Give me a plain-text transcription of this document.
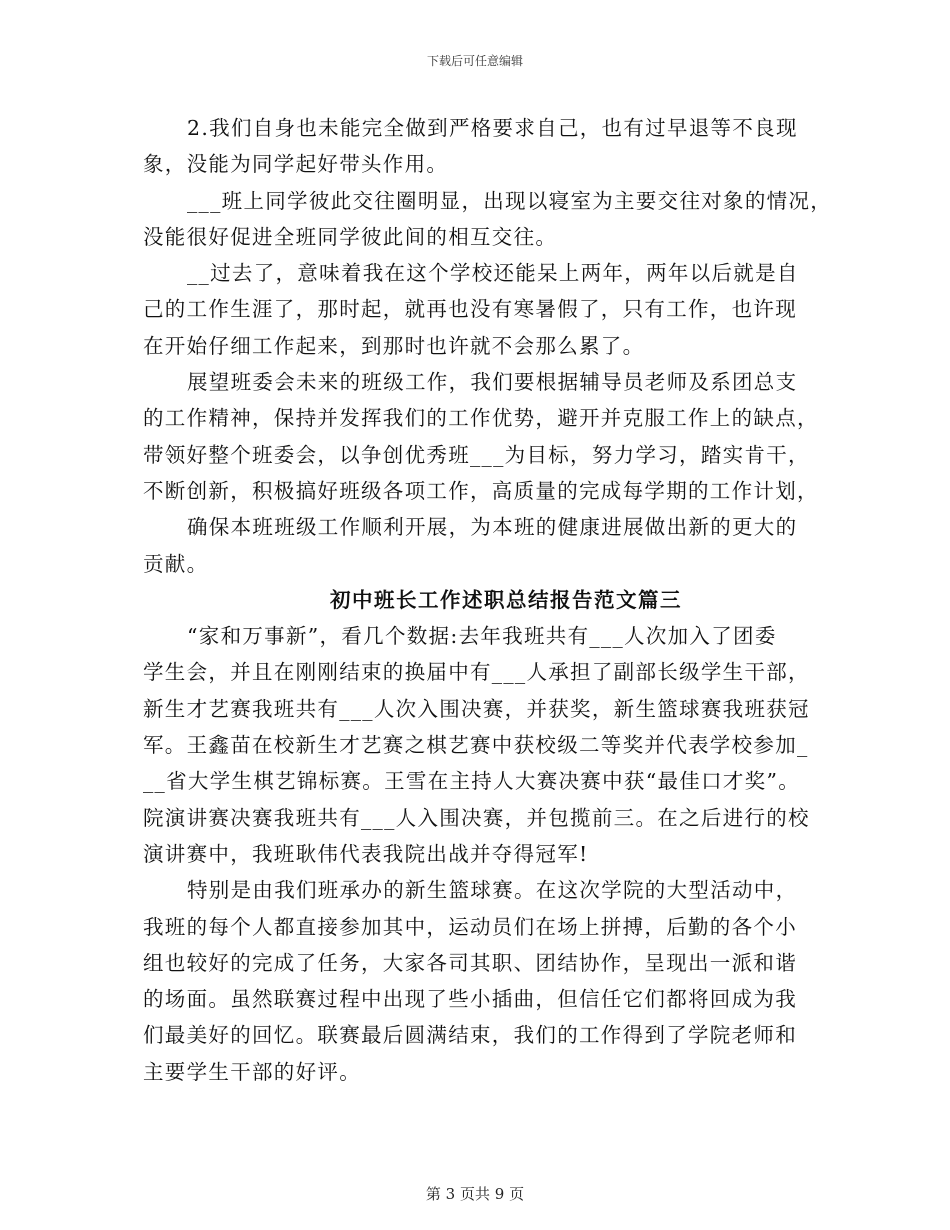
下载后可任意编辑
2.我们自身也未能完全做到严格要求自己，也有过早退等不良现
象，没能为同学起好带头作用。
___班上同学彼此交往圈明显，出现以寝室为主要交往对象的情况，
没能很好促进全班同学彼此间的相互交往。
__过去了，意味着我在这个学校还能呆上两年，两年以后就是自
己的工作生涯了，那时起，就再也没有寒暑假了，只有工作，也许现
在开始仔细工作起来，到那时也许就不会那么累了。
展望班委会未来的班级工作，我们要根据辅导员老师及系团总支
的工作精神，保持并发挥我们的工作优势，避开并克服工作上的缺点，
带领好整个班委会，以争创优秀班___为目标，努力学习，踏实肯干，
不断创新，积极搞好班级各项工作，高质量的完成每学期的工作计划，
确保本班班级工作顺利开展，为本班的健康进展做出新的更大的
贡献。
初中班长工作述职总结报告范文篇三
“家和万事新”，看几个数据:去年我班共有___人次加入了团委
学生会，并且在刚刚结束的换届中有___人承担了副部长级学生干部，
新生才艺赛我班共有___人次入围决赛，并获奖，新生篮球赛我班获冠
军。王鑫苗在校新生才艺赛之棋艺赛中获校级二等奖并代表学校参加_
__省大学生棋艺锦标赛。王雪在主持人大赛决赛中获“最佳口才奖”。
院演讲赛决赛我班共有___人入围决赛，并包揽前三。在之后进行的校
演讲赛中，我班耿伟代表我院出战并夺得冠军!
特别是由我们班承办的新生篮球赛。在这次学院的大型活动中，
我班的每个人都直接参加其中，运动员们在场上拼搏，后勤的各个小
组也较好的完成了任务，大家各司其职、团结协作，呈现出一派和谐
的场面。虽然联赛过程中出现了些小插曲，但信任它们都将回成为我
们最美好的回忆。联赛最后圆满结束，我们的工作得到了学院老师和
主要学生干部的好评。
第 3 页共 9 页
